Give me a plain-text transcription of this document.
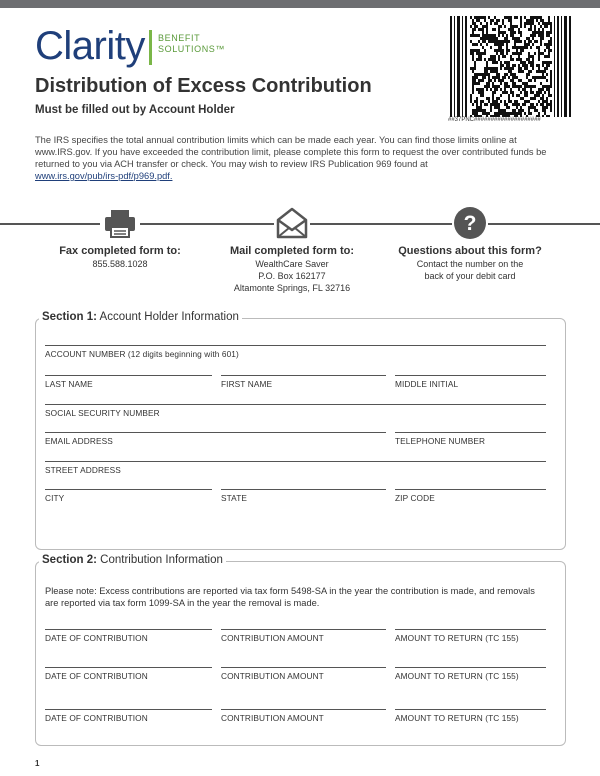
Clarity BENEFIT
SOLUTIONS™
##37PNC####################
Distribution of Excess Contribution
Must be filled out by Account Holder
The IRS specifies the total annual contribution limits which can be made each year. You can find those limits online at www.IRS.gov. If you have exceeded the contribution limit, please complete this form to request the over contributed funds be returned to you via ACH transfer or check. You may wish to review IRS Publication 969 found at
www.irs.gov/pub/irs-pdf/p969.pdf.
?
Fax completed form to:
855.588.1028
Mail completed form to:
WealthCare Saver
P.O. Box 162177
Altamonte Springs, FL 32716
Questions about this form?
Contact the number on the
back of your debit card
Section 1: Account Holder Information
ACCOUNT NUMBER (12 digits beginning with 601)
LAST NAME	FIRST NAME	MIDDLE INITIAL
SOCIAL SECURITY NUMBER
EMAIL ADDRESS	TELEPHONE NUMBER
STREET ADDRESS
CITY	STATE	ZIP CODE
Section 2: Contribution Information
Please note: Excess contributions are reported via tax form 5498-SA in the year the contribution is made, and removals are reported via tax form 1099-SA in the year the removal is made.
DATE OF CONTRIBUTION	CONTRIBUTION AMOUNT	AMOUNT TO RETURN (TC 155)
DATE OF CONTRIBUTION	CONTRIBUTION AMOUNT	AMOUNT TO RETURN (TC 155)
DATE OF CONTRIBUTION	CONTRIBUTION AMOUNT	AMOUNT TO RETURN (TC 155)
1
